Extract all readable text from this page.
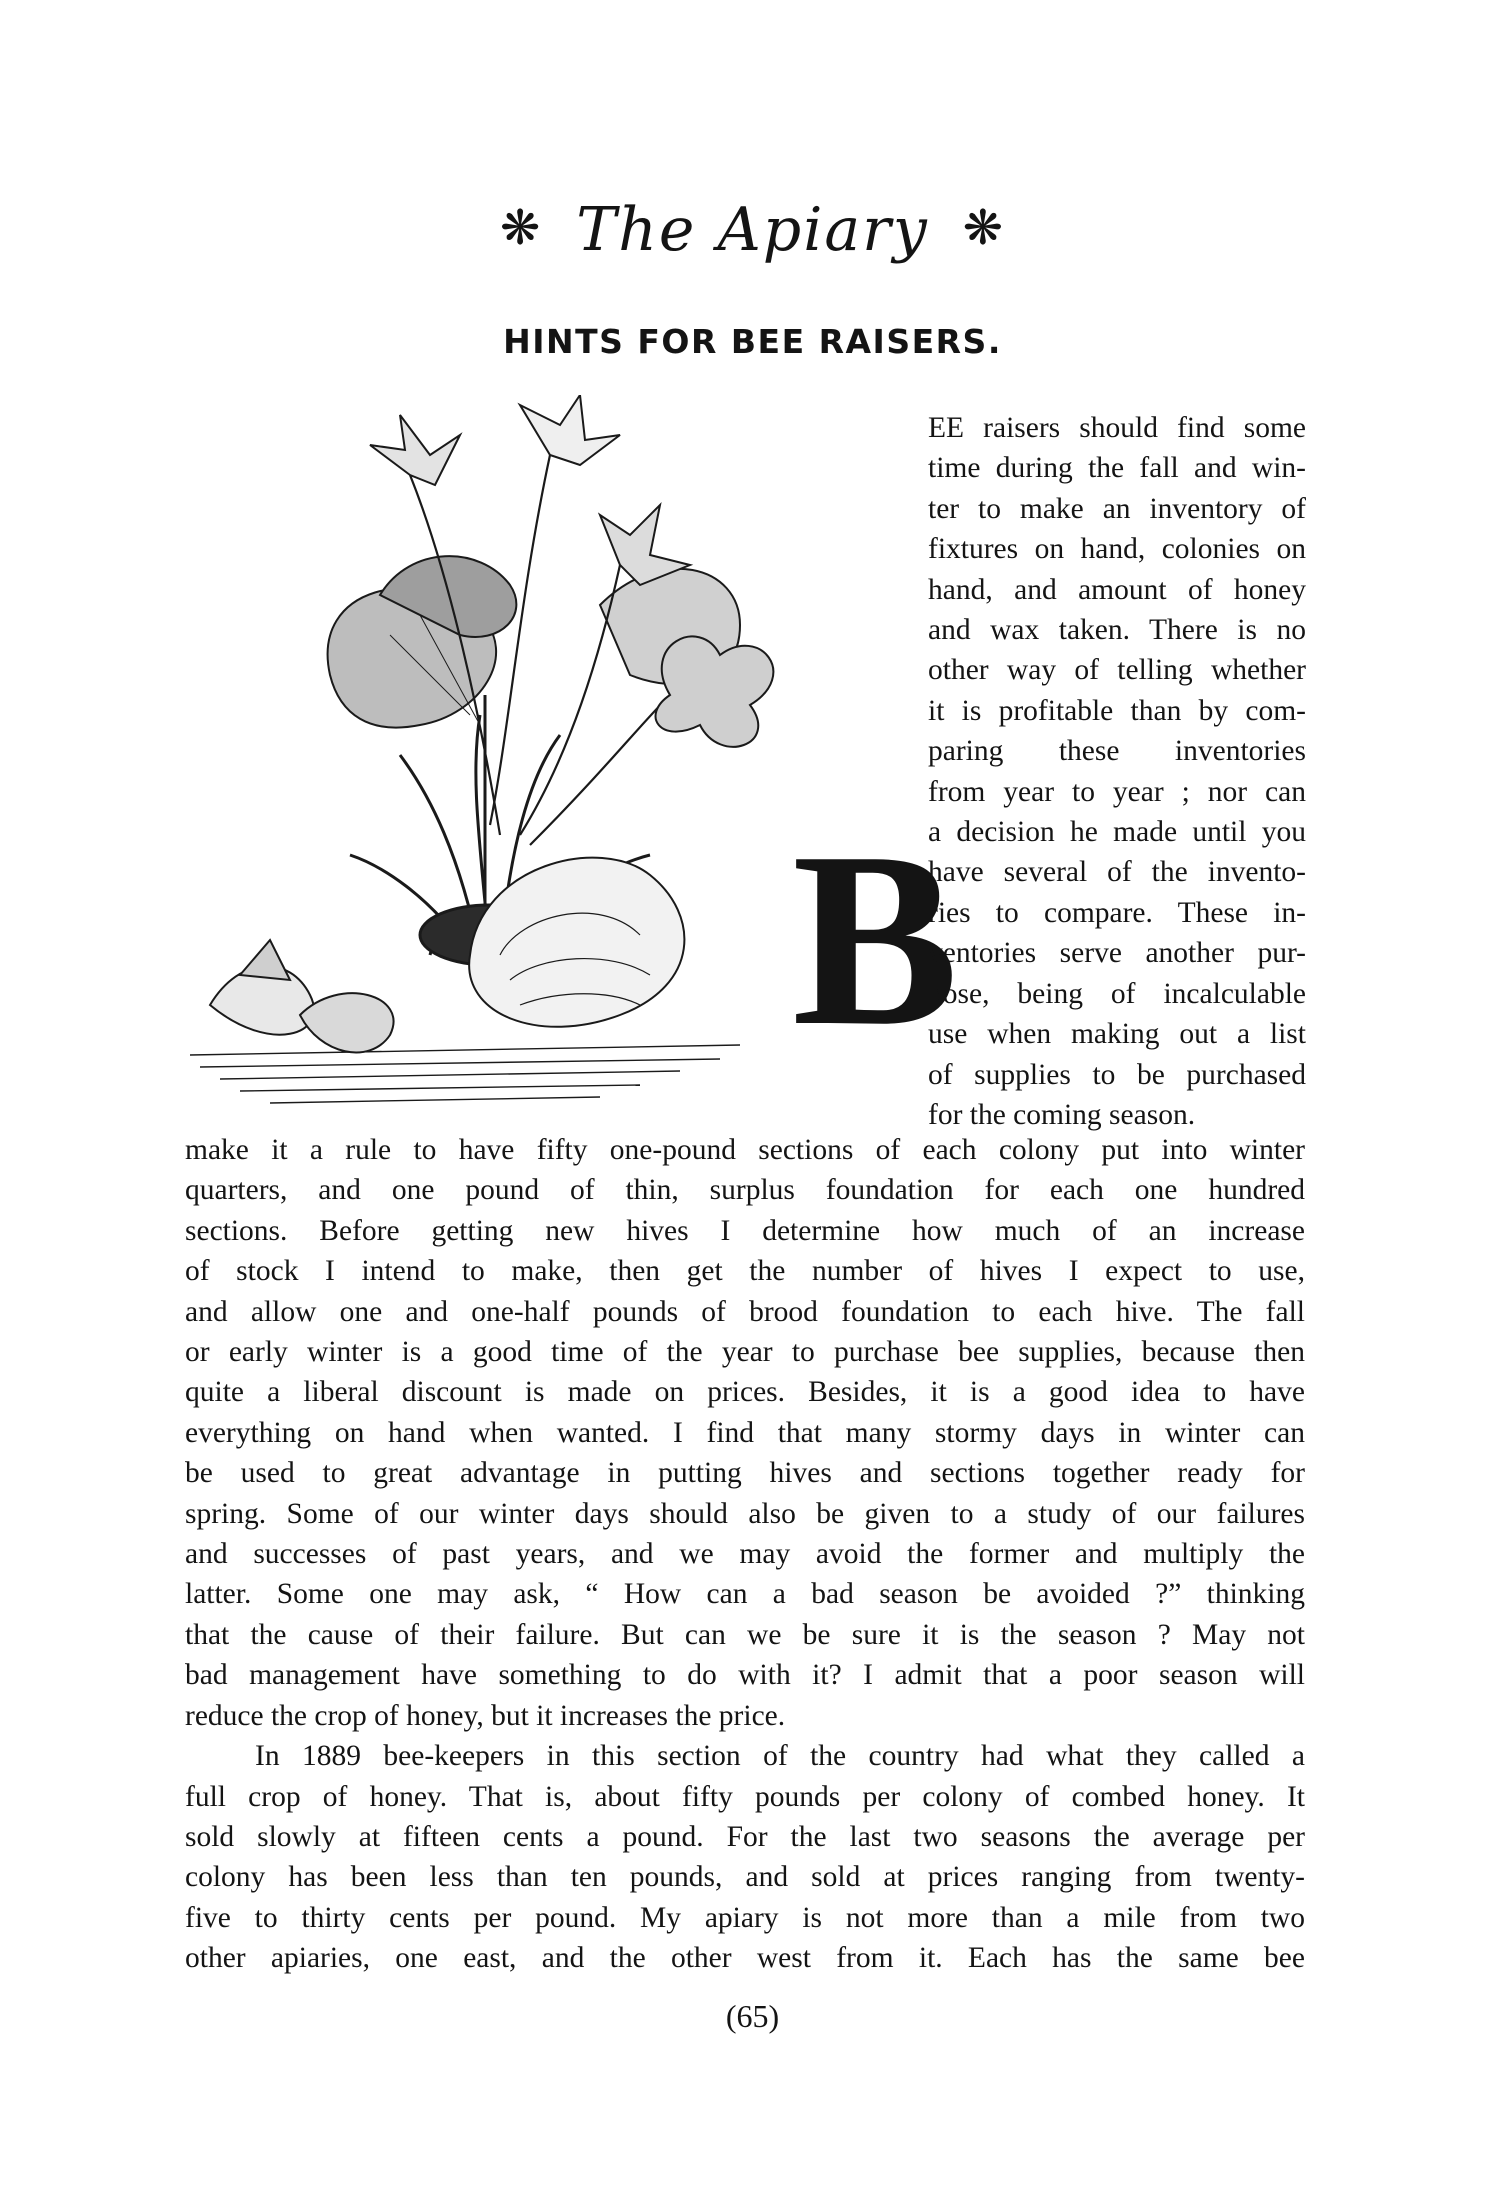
❋ The Apiary ❋
HINTS FOR BEE RAISERS.
B
EE raisers should find some
time during the fall and win-
ter to make an inventory of
fixtures on hand, colonies on
hand, and amount of honey
and wax taken. There is no
other way of telling whether
it is profitable than by com-
paring these inventories
from year to year ; nor can
a decision he made until you
have several of the invento-
ries to compare. These in-
ventories serve another pur-
pose, being of incalculable
use when making out a list
of supplies to be purchased
for the coming season.
make it a rule to have fifty one-pound sections of each colony put into winter
quarters, and one pound of thin, surplus foundation for each one hundred
sections. Before getting new hives I determine how much of an increase
of stock I intend to make, then get the number of hives I expect to use,
and allow one and one-half pounds of brood foundation to each hive. The fall
or early winter is a good time of the year to purchase bee supplies, because then
quite a liberal discount is made on prices. Besides, it is a good idea to have
everything on hand when wanted. I find that many stormy days in winter can
be used to great advantage in putting hives and sections together ready for
spring. Some of our winter days should also be given to a study of our failures
and successes of past years, and we may avoid the former and multiply the
latter. Some one may ask, “ How can a bad season be avoided ?” thinking
that the cause of their failure. But can we be sure it is the season ? May not
bad management have something to do with it? I admit that a poor season will
reduce the crop of honey, but it increases the price.
In 1889 bee-keepers in this section of the country had what they called a
full crop of honey. That is, about fifty pounds per colony of combed honey. It
sold slowly at fifteen cents a pound. For the last two seasons the average per
colony has been less than ten pounds, and sold at prices ranging from twenty-
five to thirty cents per pound. My apiary is not more than a mile from two
other apiaries, one east, and the other west from it. Each has the same bee
(65)
